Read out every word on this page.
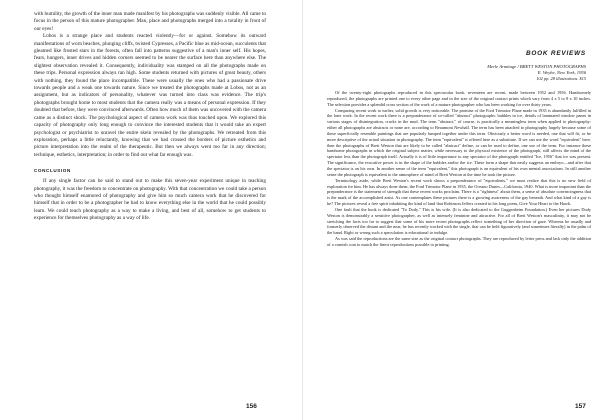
with humility, the growth of the inner man made manifest by his photographs was suddenly visible. All came to focus in the person of this mature photographer. Man, place and photographs merged into a totality in front of our eyes!

Lobos is a strange place and students reacted violently—for or against. Somehow its outward manifestations of worn beaches, plunging cliffs, twisted Cypresses, a Pacific blue as mid-ocean, succulents that gleamed like frosted stars in the forests, often fall into patterns suggestive of a man's inner self. His hopes, fears, hungers, inner drives and hidden corners seemed to be nearer the surface here than anywhere else. The slightest observation revealed it. Consequently, individuality was stamped on all the photographs made on these trips. Personal expression always ran high. Some students returned with pictures of great beauty, others with nothing, they found the place incompatible. These were usually the ones who had a passionate drive towards people and a weak one towards nature. Since we treated the photographs made at Lobos, not as an assignment, but as indicators of personality, whatever was turned into class was evidence. The trip's photographs brought home to most students that the camera really was a means of personal expression. If they doubted that before, they were convinced afterwards. Often how much of them was uncovered with the camera came as a distinct shock. The psychological aspect of camera work was thus touched upon. We explored this capacity of photography only long enough to convince the interested students that it would take an expert psychologist or psychiatrist to unravel the entire skein revealed by the photographs. We retreated from this exploration, perhaps a little reluctantly, knowing that we had crossed the borders of picture esthetics and picture interpretation into the realm of the therapeutic. But then we always went too far in any direction; technique, esthetics, interpretation; in order to find out what far enough was.

CONCLUSION

If any single factor can be said to stand out to make this seven-year experiment unique in teaching photography, it was the freedom to concentrate on photography. With that concentration we could take a person who thought himself enamored of photography and give him so much camera work that he discovered for himself that in order to be a photographer he had to know everything else in the world that he could possibly learn. We could teach photography as a way to make a living, and best of all, somehow to get students to experience for themselves photography as a way of life.

156
BOOK REVIEWS
Merle Armitage / BRETT WESTON PHOTOGRAPHS
E. Weyhe, New York, 1956
102 pp. 28 illustrations. $15

Of the twenty-eight photographs reproduced in this spectacular book, seventeen are recent, made between 1952 and 1956. Handsomely reproduced, the photographs are printed one to every other page and in the size of the original contact prints which vary from 4 x 5 to 8 x 10 inches. The selection provides a splendid cross section of the work of a mature photographer who has been working for over thirty years.

Comparing recent work to earlier, solid growth is very noticeable. The promise of the Ford Trimotor Plane made in 1935 is abundantly fulfilled in the later work. In the recent work there is a preponderance of so-called "abstract" photographs: bubbles in ice, details of laminated window panes in various stages of disintegration, cracks in the mud. The term "abstract," of course, is practically a meaningless term when applied to photography: either all photographs are abstracts or none are, according to Beaumont Newhall. The term has been attached to photography largely because some of these superficially resemble paintings that are popularly lumped together under this term. Obviously a better word is needed, one that will fit, or be more descriptive of the actual situation in photography. The term "equivalent" is offered here as a substitute. If we can use the word "equivalent" here, then the photographs of Brett Weston that are likely to be called "abstract" define, or can be used to define, one use of the term. For instance these handsome photographs in which the original subject matter, while necessary to the physical existence of the photograph, still affects the mind of the spectator less than the photograph itself. Actually it is of little importance to any spectator of the photograph entitled "Ice, 1956" that ice was present. The significance, the evocative power is in the shape of the bubbles and/or the ice. These form a shape that easily suggests an embryo—and after that the spectator is on his own. In another sense of the term "equivalent," this photograph is an equivalent of his own mental associations. In still another sense the photograph is equivalent to the atmosphere of mind of Brett Weston at the time he took the picture.

Terminology aside, while Brett Weston's recent work shows a preponderance of "equivalents," we must realize that this is no new field of exploration for him. He has always done them; the Ford Trimotor Plane in 1935, the Oceano Dunes—California, 1940. What is more important than the preponderance is the statement of strength that these recent works proclaim. There is a "rightness" about them, a sense of absolute convincingness that is the mark of the accomplished artist. As one contemplates these pictures there is a growing awareness of the gay beneath. And what kind of a gay is he? The pictures reveal a free spirit inhabiting the kind of land that Robinson Jeffers created in his long poem, Give Your Heart to the Hawk.

One fault that the book is dedicated "To Dody." This is his wife. (It is also dedicated to the Guggenheim Foundation.) Even her pictures Dody Weston is demonstrably a sensitive photographer, as well as intensely feminine and attractive. For all of Brett Weston's masculinity, it may not be stretching the facts too far to suggest that some of his more recent photographs reflect something of her direction of gaze. Whereas he usually and formerly observed the distant and the near, he has recently worked with the single, that can be held figuratively (and sometimes literally) in the palm of the hand. Right or wrong such a speculation is educational to indulge.

As was said the reproductions are the same size as the original contact photographs. They are reproduced by letter press and lack only the addition of a varnish coat to match the finest reproductions possible to printing.

157
